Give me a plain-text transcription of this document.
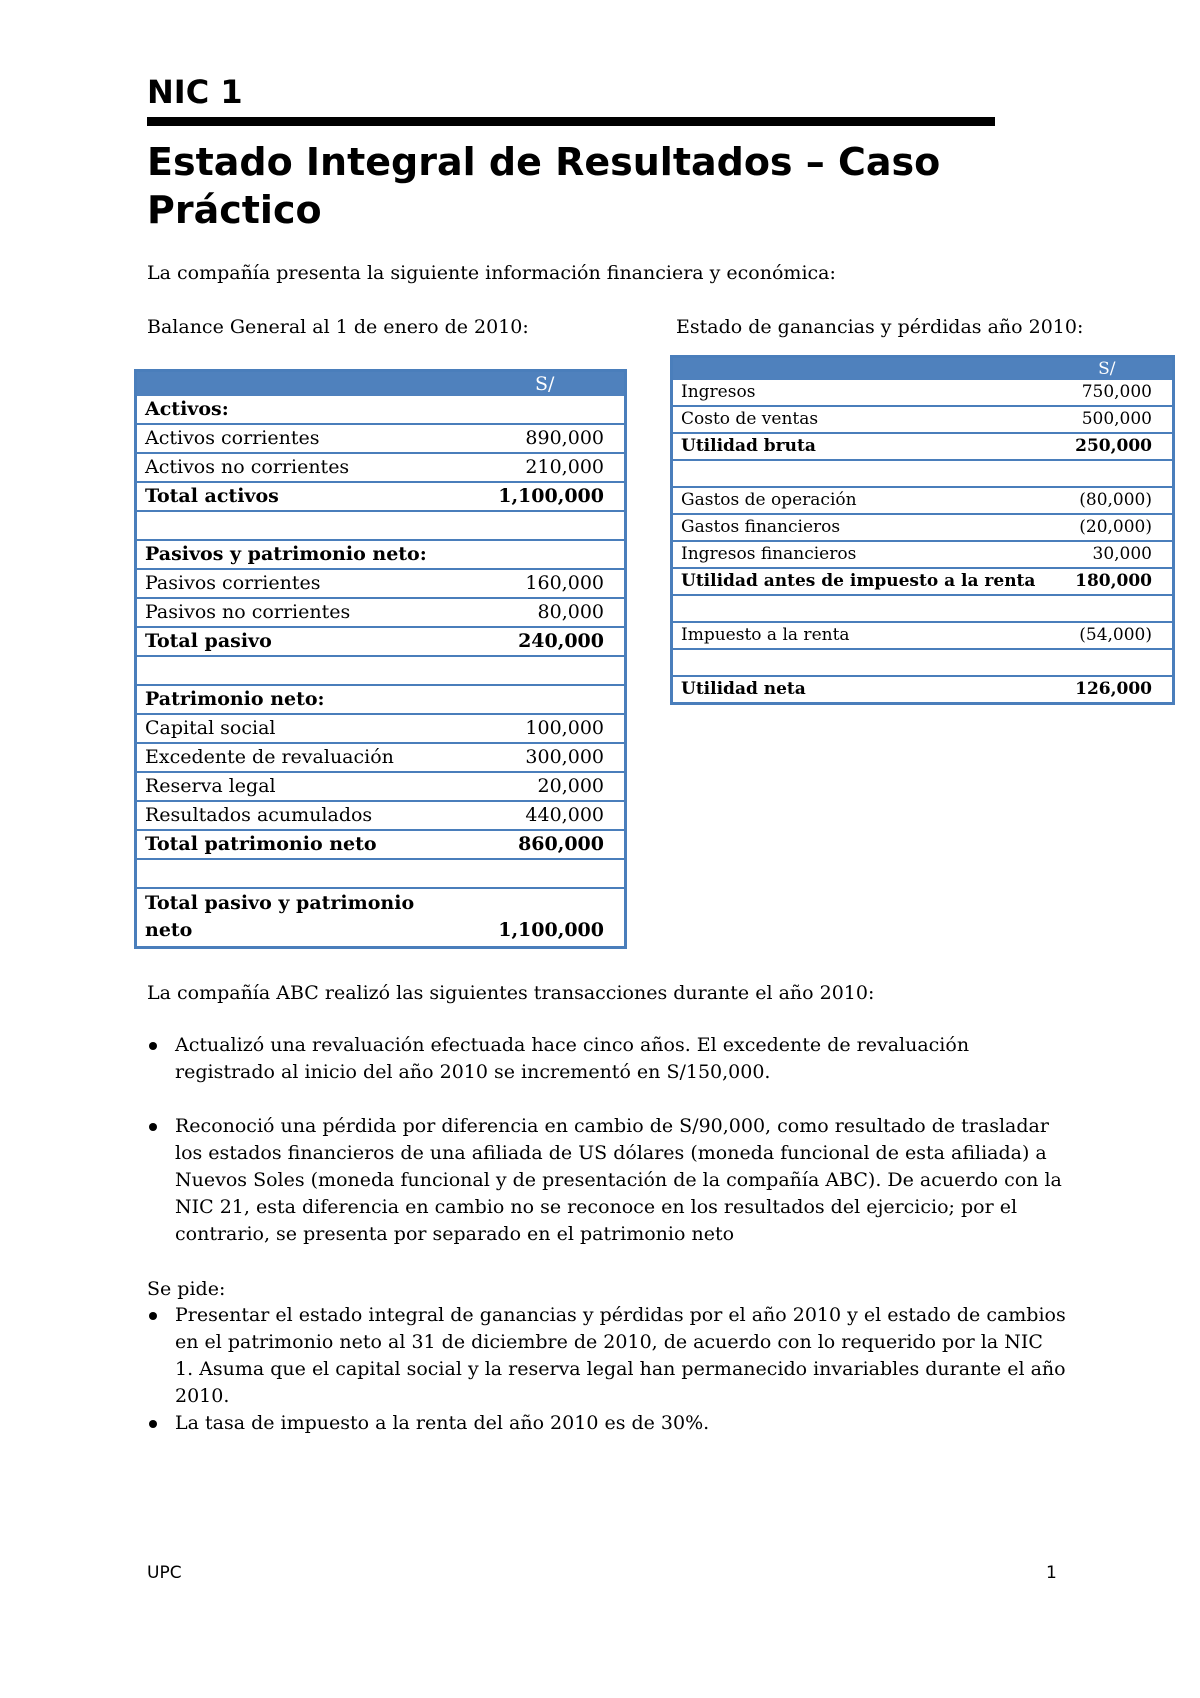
NIC 1
Estado Integral de Resultados – Caso Práctico

La compañía presenta la siguiente información financiera y económica:

Balance General al 1 de enero de 2010:	Estado de ganancias y pérdidas año 2010:

	S/
Activos:	
Activos corrientes	890,000
Activos no corrientes	210,000
Total activos	1,100,000

Pasivos y patrimonio neto:	
Pasivos corrientes	160,000
Pasivos no corrientes	80,000
Total pasivo	240,000

Patrimonio neto:	
Capital social	100,000
Excedente de revaluación	300,000
Reserva legal	20,000
Resultados acumulados	440,000
Total patrimonio neto	860,000

Total pasivo y patrimonio neto	1,100,000
	S/
Ingresos	750,000
Costo de ventas	500,000
Utilidad bruta	250,000

Gastos de operación	(80,000)
Gastos financieros	(20,000)
Ingresos financieros	30,000
Utilidad antes de impuesto a la renta	180,000

Impuesto a la renta	(54,000)

Utilidad neta	126,000

La compañía ABC realizó las siguientes transacciones durante el año 2010:

Actualizó una revaluación efectuada hace cinco años. El excedente de revaluación registrado al inicio del año 2010 se incrementó en S/150,000.
Reconoció una pérdida por diferencia en cambio de S/90,000, como resultado de trasladar los estados financieros de una afiliada de US dólares (moneda funcional de esta afiliada) a Nuevos Soles (moneda funcional y de presentación de la compañía ABC). De acuerdo con la NIC 21, esta diferencia en cambio no se reconoce en los resultados del ejercicio; por el contrario, se presenta por separado en el patrimonio neto

Se pide:

Presentar el estado integral de ganancias y pérdidas por el año 2010 y el estado de cambios en el patrimonio neto al 31 de diciembre de 2010, de acuerdo con lo requerido por la NIC 1. Asuma que el capital social y la reserva legal han permanecido invariables durante el año 2010.
La tasa de impuesto a la renta del año 2010 es de 30%.

UPC	1
